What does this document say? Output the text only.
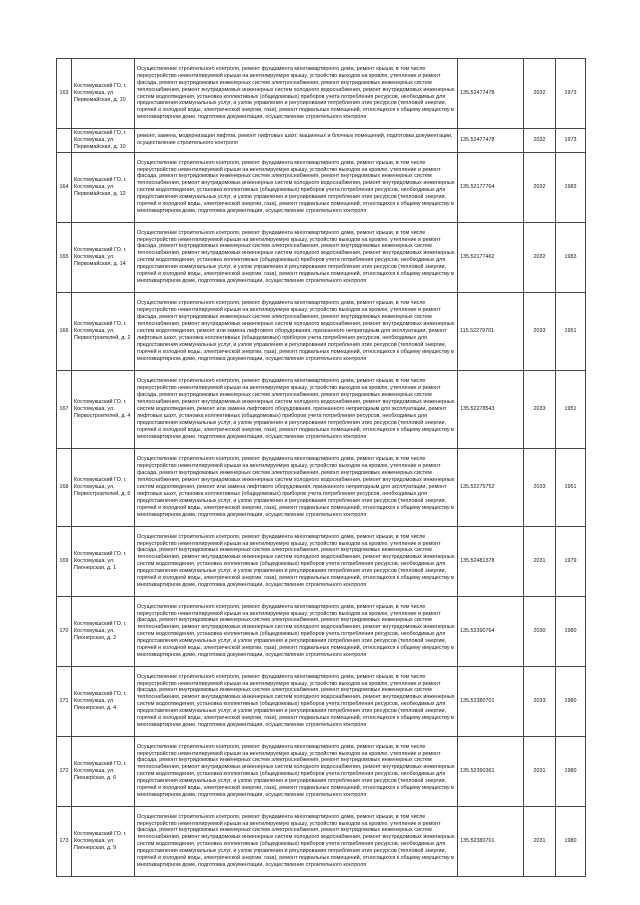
163	Костомукшский ГО, г. Костомукша, ул. Первомайская, д. 10	Осуществление строительного контроля, ремонт фундамента многоквартирного дома, ремонт крыши, в том числе переустройство невентилируемой крыши на вентилируемую крышу, устройство выходов на кровлю, утепление и ремонт фасада, ремонт внутридомовых инженерных систем электроснабжения, ремонт внутридомовых инженерных систем теплоснабжения, ремонт внутридомовых инженерных систем холодного водоснабжения, ремонт внутридомовых инженерных систем водоотведения, установка коллективных (общедомовых) приборов учета потребления ресурсов, необходимых для предоставления коммунальных услуг, и узлов управления и регулирования потребления этих ресурсов (тепловой энергии, горячей и холодной воды, электрической энергии, газа), ремонт подвальных помещений, относящихся к общему имуществу в многоквартирном доме, подготовка документации, осуществление строительного контроля	135.52477478	2032	1973
	Костомукшский ГО, г. Костомукша, ул. Первомайская, д. 10	ремонт, замена, модернизация лифтов, ремонт лифтовых шахт, машинных и блочных помещений, подготовка документации, осуществление строительного контроля	135.52477478	2032	1973
164	Костомукшский ГО, г. Костомукша, ул. Первомайская, д. 12	Осуществление строительного контроля, ремонт фундамента многоквартирного дома, ремонт крыши, в том числе переустройство невентилируемой крыши на вентилируемую крышу, устройство выходов на кровлю, утепление и ремонт фасада, ремонт внутридомовых инженерных систем электроснабжения, ремонт внутридомовых инженерных систем теплоснабжения, ремонт внутридомовых инженерных систем холодного водоснабжения, ремонт внутридомовых инженерных систем водоотведения, установка коллективных (общедомовых) приборов учета потребления ресурсов, необходимых для предоставления коммунальных услуг, и узлов управления и регулирования потребления этих ресурсов (тепловой энергии, горячей и холодной воды, электрической энергии, газа), ремонт подвальных помещений, относящихся к общему имуществу в многоквартирном доме, подготовка документации, осуществление строительного контроля	135.52177764	2032	1983
165	Костомукшский ГО, г. Костомукша, ул. Первомайская, д. 14	Осуществление строительного контроля, ремонт фундамента многоквартирного дома, ремонт крыши, в том числе переустройство невентилируемой крыши на вентилируемую крышу, устройство выходов на кровлю, утепление и ремонт фасада, ремонт внутридомовых инженерных систем электроснабжения, ремонт внутридомовых инженерных систем теплоснабжения, ремонт внутридомовых инженерных систем холодного водоснабжения, ремонт внутридомовых инженерных систем водоотведения, установка коллективных (общедомовых) приборов учета потребления ресурсов, необходимых для предоставления коммунальных услуг, и узлов управления и регулирования потребления этих ресурсов (тепловой энергии, горячей и холодной воды, электрической энергии, газа), ремонт подвальных помещений, относящихся к общему имуществу в многоквартирном доме, подготовка документации, осуществление строительного контроля	135.52177462	2032	1983
166	Костомукшский ГО, г. Костомукша, ул. Первостроителей, д. 2	Осуществление строительного контроля, ремонт фундамента многоквартирного дома, ремонт крыши, в том числе переустройство невентилируемой крыши на вентилируемую крышу, устройство выходов на кровлю, утепление и ремонт фасада, ремонт внутридомовых инженерных систем электроснабжения, ремонт внутридомовых инженерных систем теплоснабжения, ремонт внутридомовых инженерных систем холодного водоснабжения, ремонт внутридомовых инженерных систем водоотведения, ремонт или замена лифтового оборудования, признанного непригодным для эксплуатации, ремонт лифтовых шахт, установка коллективных (общедомовых) приборов учета потребления ресурсов, необходимых для предоставления коммунальных услуг, и узлов управления и регулирования потребления этих ресурсов (тепловой энергии, горячей и холодной воды, электрической энергии, газа), ремонт подвальных помещений, относящихся к общему имуществу в многоквартирном доме, подготовка документации, осуществление строительного контроля	115.52279701	2033	1951
167	Костомукшский ГО, г. Костомукша, ул. Первостроителей, д. 4	Осуществление строительного контроля, ремонт фундамента многоквартирного дома, ремонт крыши, в том числе переустройство невентилируемой крыши на вентилируемую крышу, устройство выходов на кровлю, утепление и ремонт фасада, ремонт внутридомовых инженерных систем электроснабжения, ремонт внутридомовых инженерных систем теплоснабжения, ремонт внутридомовых инженерных систем холодного водоснабжения, ремонт внутридомовых инженерных систем водоотведения, ремонт или замена лифтового оборудования, признанного непригодным для эксплуатации, ремонт лифтовых шахт, установка коллективных (общедомовых) приборов учета потребления ресурсов, необходимых для предоставления коммунальных услуг, и узлов управления и регулирования потребления этих ресурсов (тепловой энергии, горячей и холодной воды, электрической энергии, газа), ремонт подвальных помещений, относящихся к общему имуществу в многоквартирном доме, подготовка документации, осуществление строительного контроля	135.52278543	2033	1951
168	Костомукшский ГО, г. Костомукша, ул. Первостроителей, д. 6	Осуществление строительного контроля, ремонт фундамента многоквартирного дома, ремонт крыши, в том числе переустройство невентилируемой крыши на вентилируемую крышу, устройство выходов на кровлю, утепление и ремонт фасада, ремонт внутридомовых инженерных систем электроснабжения, ремонт внутридомовых инженерных систем теплоснабжения, ремонт внутридомовых инженерных систем холодного водоснабжения, ремонт внутридомовых инженерных систем водоотведения, ремонт или замена лифтового оборудования, признанного непригодным для эксплуатации, ремонт лифтовых шахт, установка коллективных (общедомовых) приборов учета потребления ресурсов, необходимых для предоставления коммунальных услуг, и узлов управления и регулирования потребления этих ресурсов (тепловой энергии, горячей и холодной воды, электрической энергии, газа), ремонт подвальных помещений, относящихся к общему имуществу в многоквартирном доме, подготовка документации, осуществление строительного контроля	135.52275752	2033	1951
169	Костомукшский ГО, г. Костомукша, ул. Пионерская, д. 1	Осуществление строительного контроля, ремонт фундамента многоквартирного дома, ремонт крыши, в том числе переустройство невентилируемой крыши на вентилируемую крышу, устройство выходов на кровлю, утепление и ремонт фасада, ремонт внутридомовых инженерных систем электроснабжения, ремонт внутридомовых инженерных систем теплоснабжения, ремонт внутридомовых инженерных систем холодного водоснабжения, ремонт внутридомовых инженерных систем водоотведения, установка коллективных (общедомовых) приборов учета потребления ресурсов, необходимых для предоставления коммунальных услуг, и узлов управления и регулирования потребления этих ресурсов (тепловой энергии, горячей и холодной воды, электрической энергии, газа), ремонт подвальных помещений, относящихся к общему имуществу в многоквартирном доме, подготовка документации, осуществление строительного контроля	135.52481378	2031	1979
170	Костомукшский ГО, г. Костомукша, ул. Пионерская, д. 2	Осуществление строительного контроля, ремонт фундамента многоквартирного дома, ремонт крыши, в том числе переустройство невентилируемой крыши на вентилируемую крышу, устройство выходов на кровлю, утепление и ремонт фасада, ремонт внутридомовых инженерных систем электроснабжения, ремонт внутридомовых инженерных систем теплоснабжения, ремонт внутридомовых инженерных систем холодного водоснабжения, ремонт внутридомовых инженерных систем водоотведения, установка коллективных (общедомовых) приборов учета потребления ресурсов, необходимых для предоставления коммунальных услуг, и узлов управления и регулирования потребления этих ресурсов (тепловой энергии, горячей и холодной воды, электрической энергии, газа), ремонт подвальных помещений, относящихся к общему имуществу в многоквартирном доме, подготовка документации, осуществление строительного контроля	135.52390764	2030	1980
171	Костомукшский ГО, г. Костомукша, ул. Пионерская, д. 4	Осуществление строительного контроля, ремонт фундамента многоквартирного дома, ремонт крыши, в том числе переустройство невентилируемой крыши на вентилируемую крышу, устройство выходов на кровлю, утепление и ремонт фасада, ремонт внутридомовых инженерных систем электроснабжения, ремонт внутридомовых инженерных систем теплоснабжения, ремонт внутридомовых инженерных систем холодного водоснабжения, ремонт внутридомовых инженерных систем водоотведения, установка коллективных (общедомовых) приборов учета потребления ресурсов, необходимых для предоставления коммунальных услуг, и узлов управления и регулирования потребления этих ресурсов (тепловой энергии, горячей и холодной воды, электрической энергии, газа), ремонт подвальных помещений, относящихся к общему имуществу в многоквартирном доме, подготовка документации, осуществление строительного контроля	135.52380701	2033	1980
172	Костомукшский ГО, г. Костомукша, ул. Пионерская, д. 6	Осуществление строительного контроля, ремонт фундамента многоквартирного дома, ремонт крыши, в том числе переустройство невентилируемой крыши на вентилируемую крышу, устройство выходов на кровлю, утепление и ремонт фасада, ремонт внутридомовых инженерных систем электроснабжения, ремонт внутридомовых инженерных систем теплоснабжения, ремонт внутридомовых инженерных систем холодного водоснабжения, ремонт внутридомовых инженерных систем водоотведения, установка коллективных (общедомовых) приборов учета потребления ресурсов, необходимых для предоставления коммунальных услуг, и узлов управления и регулирования потребления этих ресурсов (тепловой энергии, горячей и холодной воды, электрической энергии, газа), ремонт подвальных помещений, относящихся к общему имуществу в многоквартирном доме, подготовка документации, осуществление строительного контроля	135.52390361	2031	1980
173	Костомукшский ГО, г. Костомукша, ул. Пионерская, д. 9	Осуществление строительного контроля, ремонт фундамента многоквартирного дома, ремонт крыши, в том числе переустройство невентилируемой крыши на вентилируемую крышу, устройство выходов на кровлю, утепление и ремонт фасада, ремонт внутридомовых инженерных систем электроснабжения, ремонт внутридомовых инженерных систем теплоснабжения, ремонт внутридомовых инженерных систем холодного водоснабжения, ремонт внутридомовых инженерных систем водоотведения, установка коллективных (общедомовых) приборов учета потребления ресурсов, необходимых для предоставления коммунальных услуг, и узлов управления и регулирования потребления этих ресурсов (тепловой энергии, горячей и холодной воды, электрической энергии, газа), ремонт подвальных помещений, относящихся к общему имуществу в многоквартирном доме, подготовка документации, осуществление строительного контроля	135.52380701	2031	1980
